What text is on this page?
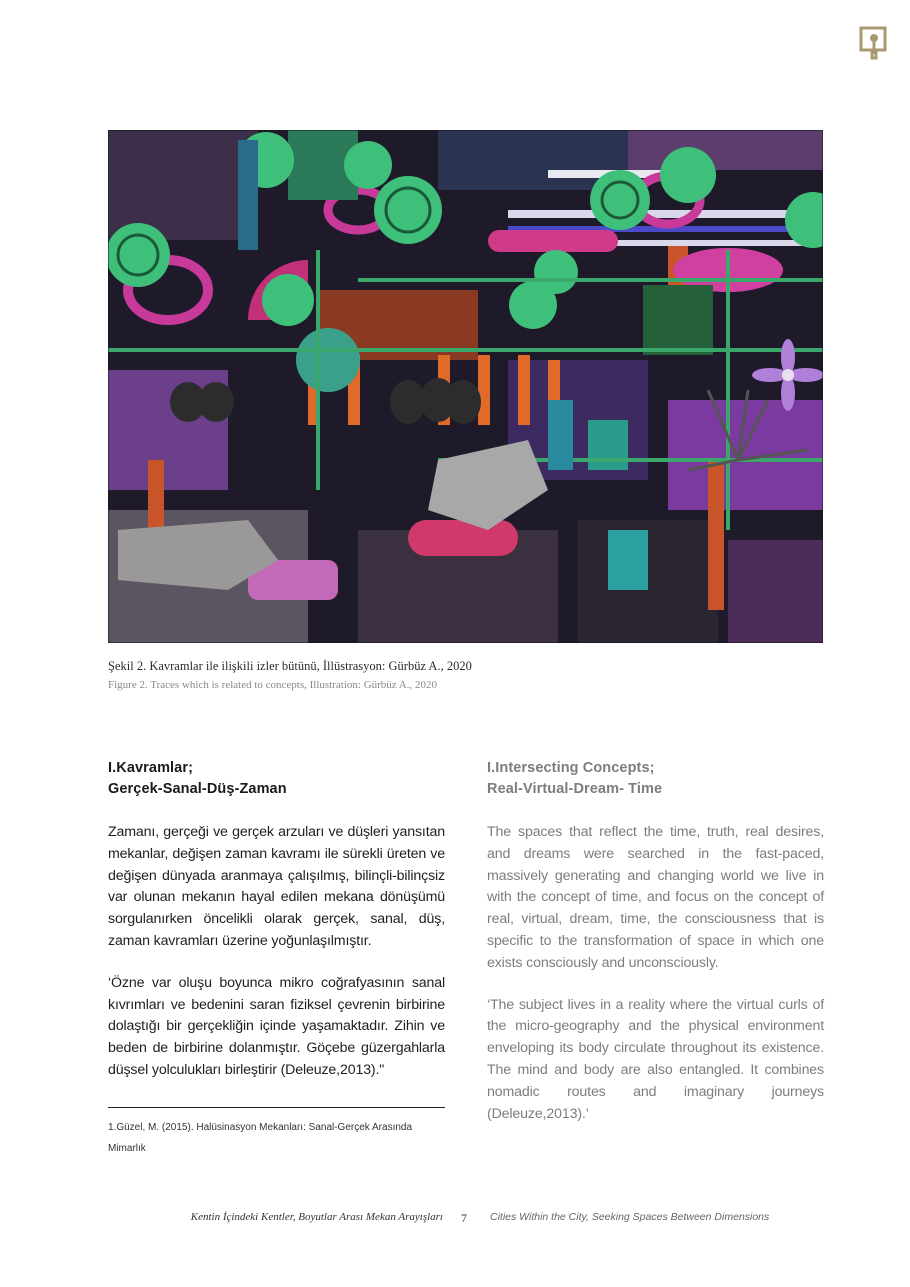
Şekil 2. Kavramlar ile ilişkili izler bütünü, İllüstrasyon: Gürbüz A., 2020
Figure 2. Traces which is related to concepts, Illustration: Gürbüz A., 2020
I.Kavramlar;
Gerçek-Sanal-Düş-Zaman

Zamanı, gerçeği ve gerçek arzuları ve düşleri yansıtan mekanlar, değişen zaman kavramı ile sürekli üreten ve değişen dünyada aranmaya çalışılmış, bilinçli-bilinçsiz var olunan mekanın hayal edilen mekana dönüşümü sorgulanırken öncelikli olarak gerçek, sanal, düş, zaman kavramları üzerine yoğunlaşılmıştır.

‘Özne var oluşu boyunca mikro coğrafyasının sanal kıvrımları ve bedenini saran fiziksel çevrenin birbirine dolaştığı bir gerçekliğin içinde yaşamaktadır. Zihin ve beden de birbirine dolanmıştır. Göçebe güzergahlarla düşsel yolculukları birleştirir (Deleuze,2013)."

I.Intersecting Concepts;
Real-Virtual-Dream- Time

The spaces that reflect the time, truth, real desires, and dreams were searched in the fast-paced, massively generating and changing world we live in with the concept of time, and focus on the concept of real, virtual, dream, time, the consciousness that is specific to the transformation of space in which one exists consciously and unconsciously.

‘The subject lives in a reality where the virtual curls of the micro-geography and the physical environment enveloping its body circulate throughout its existence. The mind and body are also entangled. It combines nomadic routes and imaginary journeys (Deleuze,2013).’

1.Güzel, M. (2015). Halüsinasyon Mekanları: Sanal-Gerçek Arasında
Mimarlık
Kentin İçindeki Kentler, Boyutlar Arası Mekan Arayışları 7 Cities Within the City, Seeking Spaces Between Dimensions
